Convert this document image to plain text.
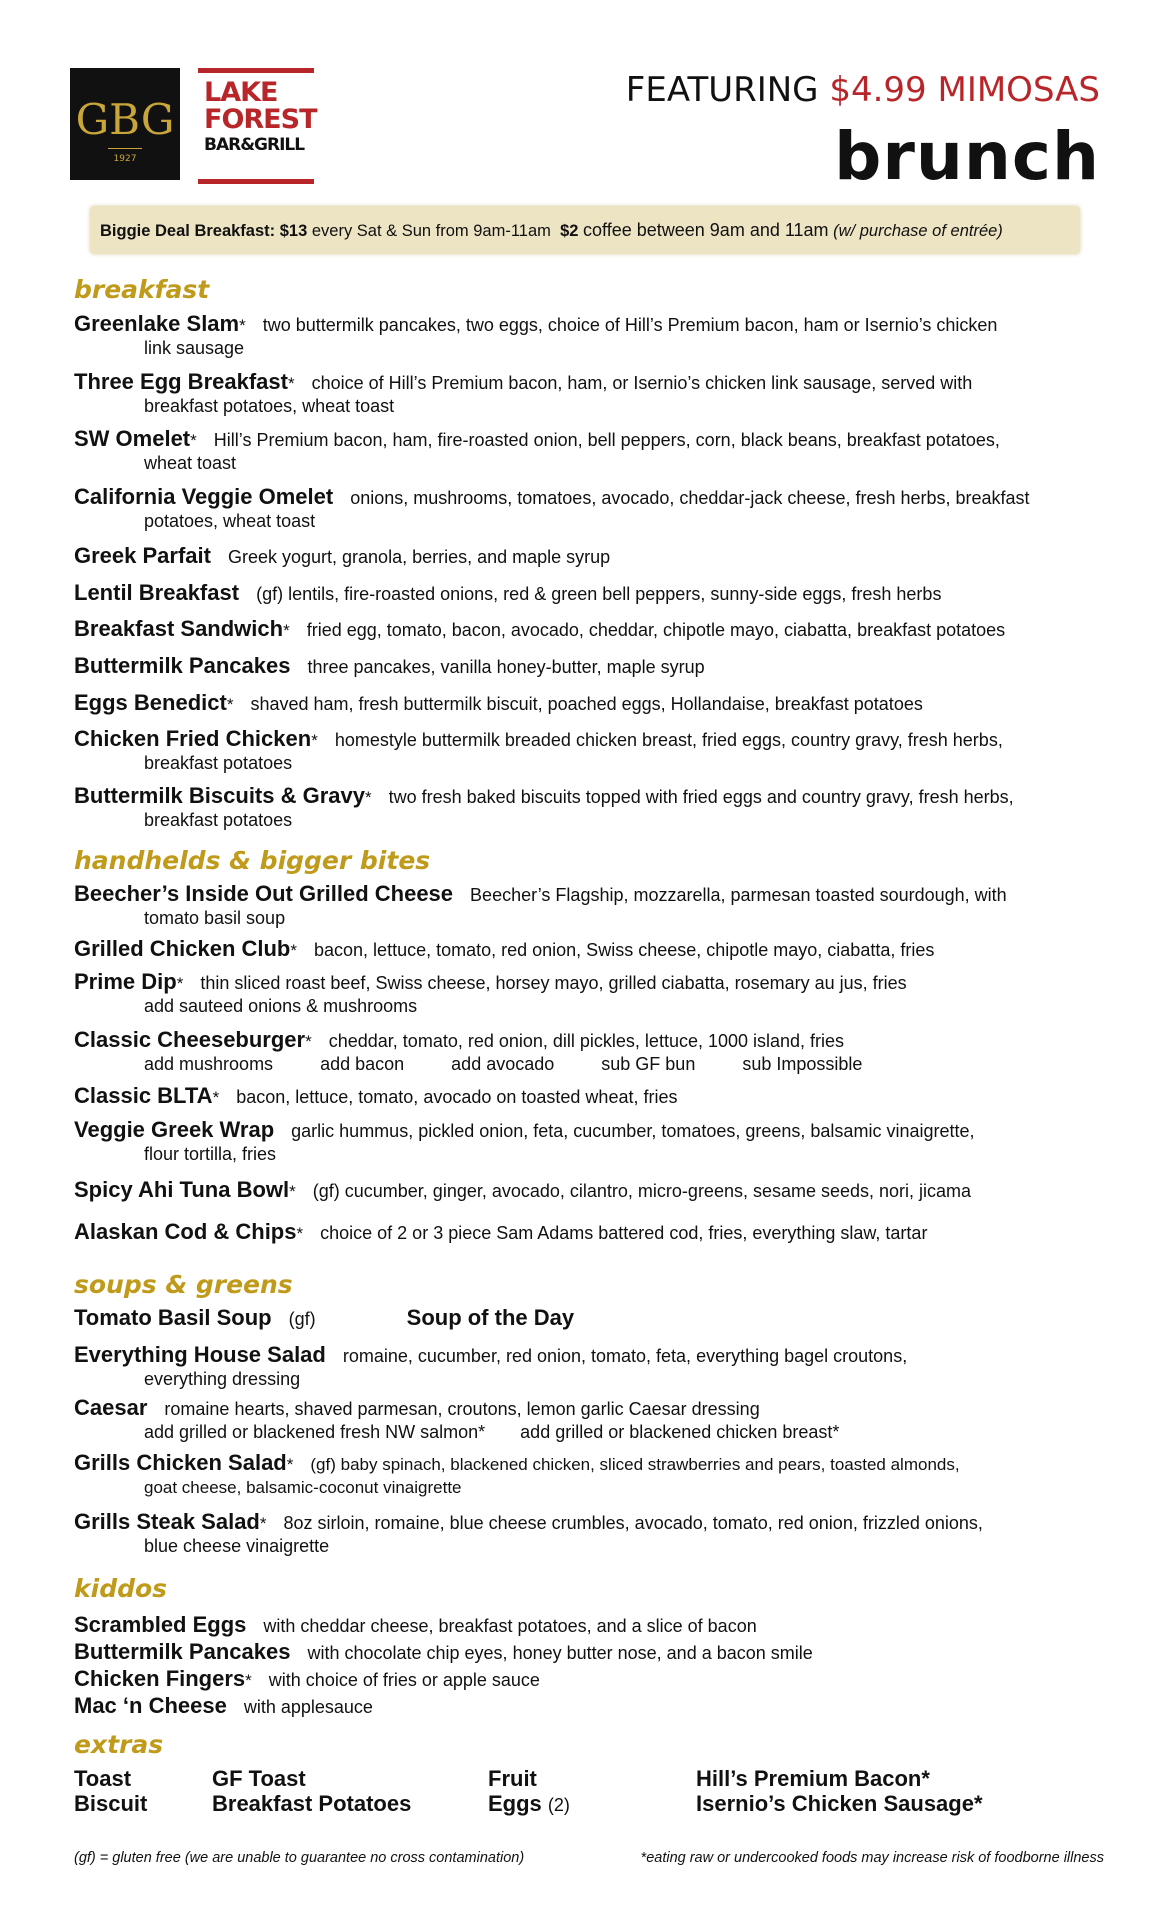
GBG
1927
LAKE
FOREST
BAR&GRILL
FEATURING $4.99 MIMOSAS
brunch
Biggie Deal Breakfast: $13 every Sat & Sun from 9am-11am $2 coffee between 9am and 11am (w/ purchase of entrée)
breakfast
Greenlake Slam* two buttermilk pancakes, two eggs, choice of Hill’s Premium bacon, ham or Isernio’s chicken
link sausage
Three Egg Breakfast* choice of Hill’s Premium bacon, ham, or Isernio’s chicken link sausage, served with
breakfast potatoes, wheat toast
SW Omelet* Hill’s Premium bacon, ham, fire-roasted onion, bell peppers, corn, black beans, breakfast potatoes,
wheat toast
California Veggie Omelet onions, mushrooms, tomatoes, avocado, cheddar-jack cheese, fresh herbs, breakfast
potatoes, wheat toast
Greek Parfait Greek yogurt, granola, berries, and maple syrup
Lentil Breakfast (gf) lentils, fire-roasted onions, red & green bell peppers, sunny-side eggs, fresh herbs
Breakfast Sandwich* fried egg, tomato, bacon, avocado, cheddar, chipotle mayo, ciabatta, breakfast potatoes
Buttermilk Pancakes three pancakes, vanilla honey-butter, maple syrup
Eggs Benedict* shaved ham, fresh buttermilk biscuit, poached eggs, Hollandaise, breakfast potatoes
Chicken Fried Chicken* homestyle buttermilk breaded chicken breast, fried eggs, country gravy, fresh herbs,
breakfast potatoes
Buttermilk Biscuits & Gravy* two fresh baked biscuits topped with fried eggs and country gravy, fresh herbs,
breakfast potatoes
handhelds & bigger bites
Beecher’s Inside Out Grilled Cheese Beecher’s Flagship, mozzarella, parmesan toasted sourdough, with
tomato basil soup
Grilled Chicken Club* bacon, lettuce, tomato, red onion, Swiss cheese, chipotle mayo, ciabatta, fries
Prime Dip* thin sliced roast beef, Swiss cheese, horsey mayo, grilled ciabatta, rosemary au jus, fries
add sauteed onions & mushrooms
Classic Cheeseburger* cheddar, tomato, red onion, dill pickles, lettuce, 1000 island, fries
add mushrooms	add bacon	add avocado	sub GF bun	sub Impossible
Classic BLTA* bacon, lettuce, tomato, avocado on toasted wheat, fries
Veggie Greek Wrap garlic hummus, pickled onion, feta, cucumber, tomatoes, greens, balsamic vinaigrette,
flour tortilla, fries
Spicy Ahi Tuna Bowl* (gf) cucumber, ginger, avocado, cilantro, micro-greens, sesame seeds, nori, jicama
Alaskan Cod & Chips* choice of 2 or 3 piece Sam Adams battered cod, fries, everything slaw, tartar
soups & greens
Tomato Basil Soup (gf)	Soup of the Day
Everything House Salad romaine, cucumber, red onion, tomato, feta, everything bagel croutons,
everything dressing
Caesar romaine hearts, shaved parmesan, croutons, lemon garlic Caesar dressing
add grilled or blackened fresh NW salmon*       add grilled or blackened chicken breast*
Grills Chicken Salad* (gf) baby spinach, blackened chicken, sliced strawberries and pears, toasted almonds,
goat cheese, balsamic-coconut vinaigrette
Grills Steak Salad* 8oz sirloin, romaine, blue cheese crumbles, avocado, tomato, red onion, frizzled onions,
blue cheese vinaigrette
kiddos
Scrambled Eggs with cheddar cheese, breakfast potatoes, and a slice of bacon
Buttermilk Pancakes with chocolate chip eyes, honey butter nose, and a bacon smile
Chicken Fingers* with choice of fries or apple sauce
Mac ‘n Cheese with applesauce
extras
Toast	GF Toast	Fruit	Hill’s Premium Bacon*
Biscuit	Breakfast Potatoes	Eggs (2)	Isernio’s Chicken Sausage*
(gf) = gluten free (we are unable to guarantee no cross contamination)	*eating raw or undercooked foods may increase risk of foodborne illness
